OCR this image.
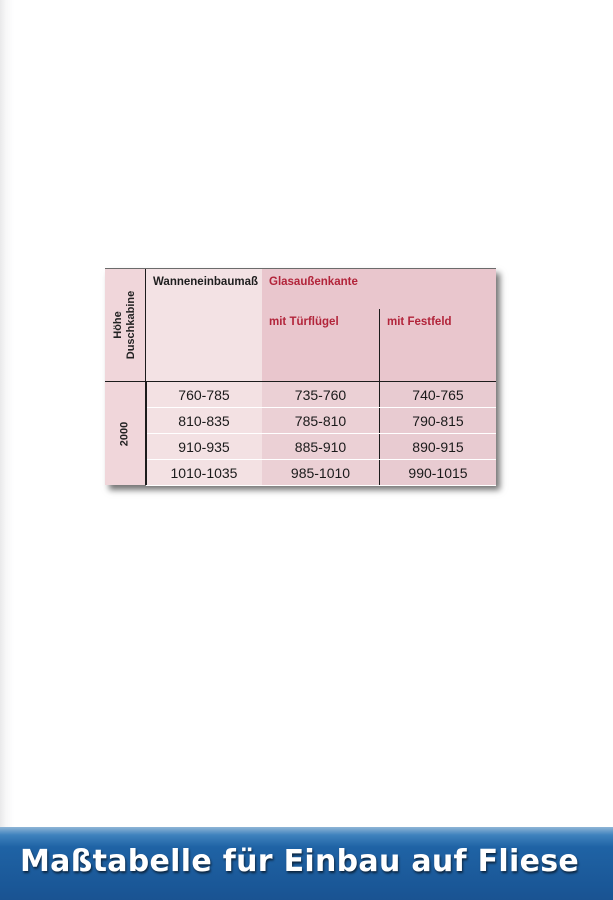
Höhe Duschkabine
2000
Wanneneinbaumaß Glasaußenkante
mit Türflügel	mit Festfeld
760-785	735-760	740-765
810-835	785-810	790-815
910-935	885-910	890-915
1010-1035	985-1010	990-1015
Maßtabelle für Einbau auf Fliese
